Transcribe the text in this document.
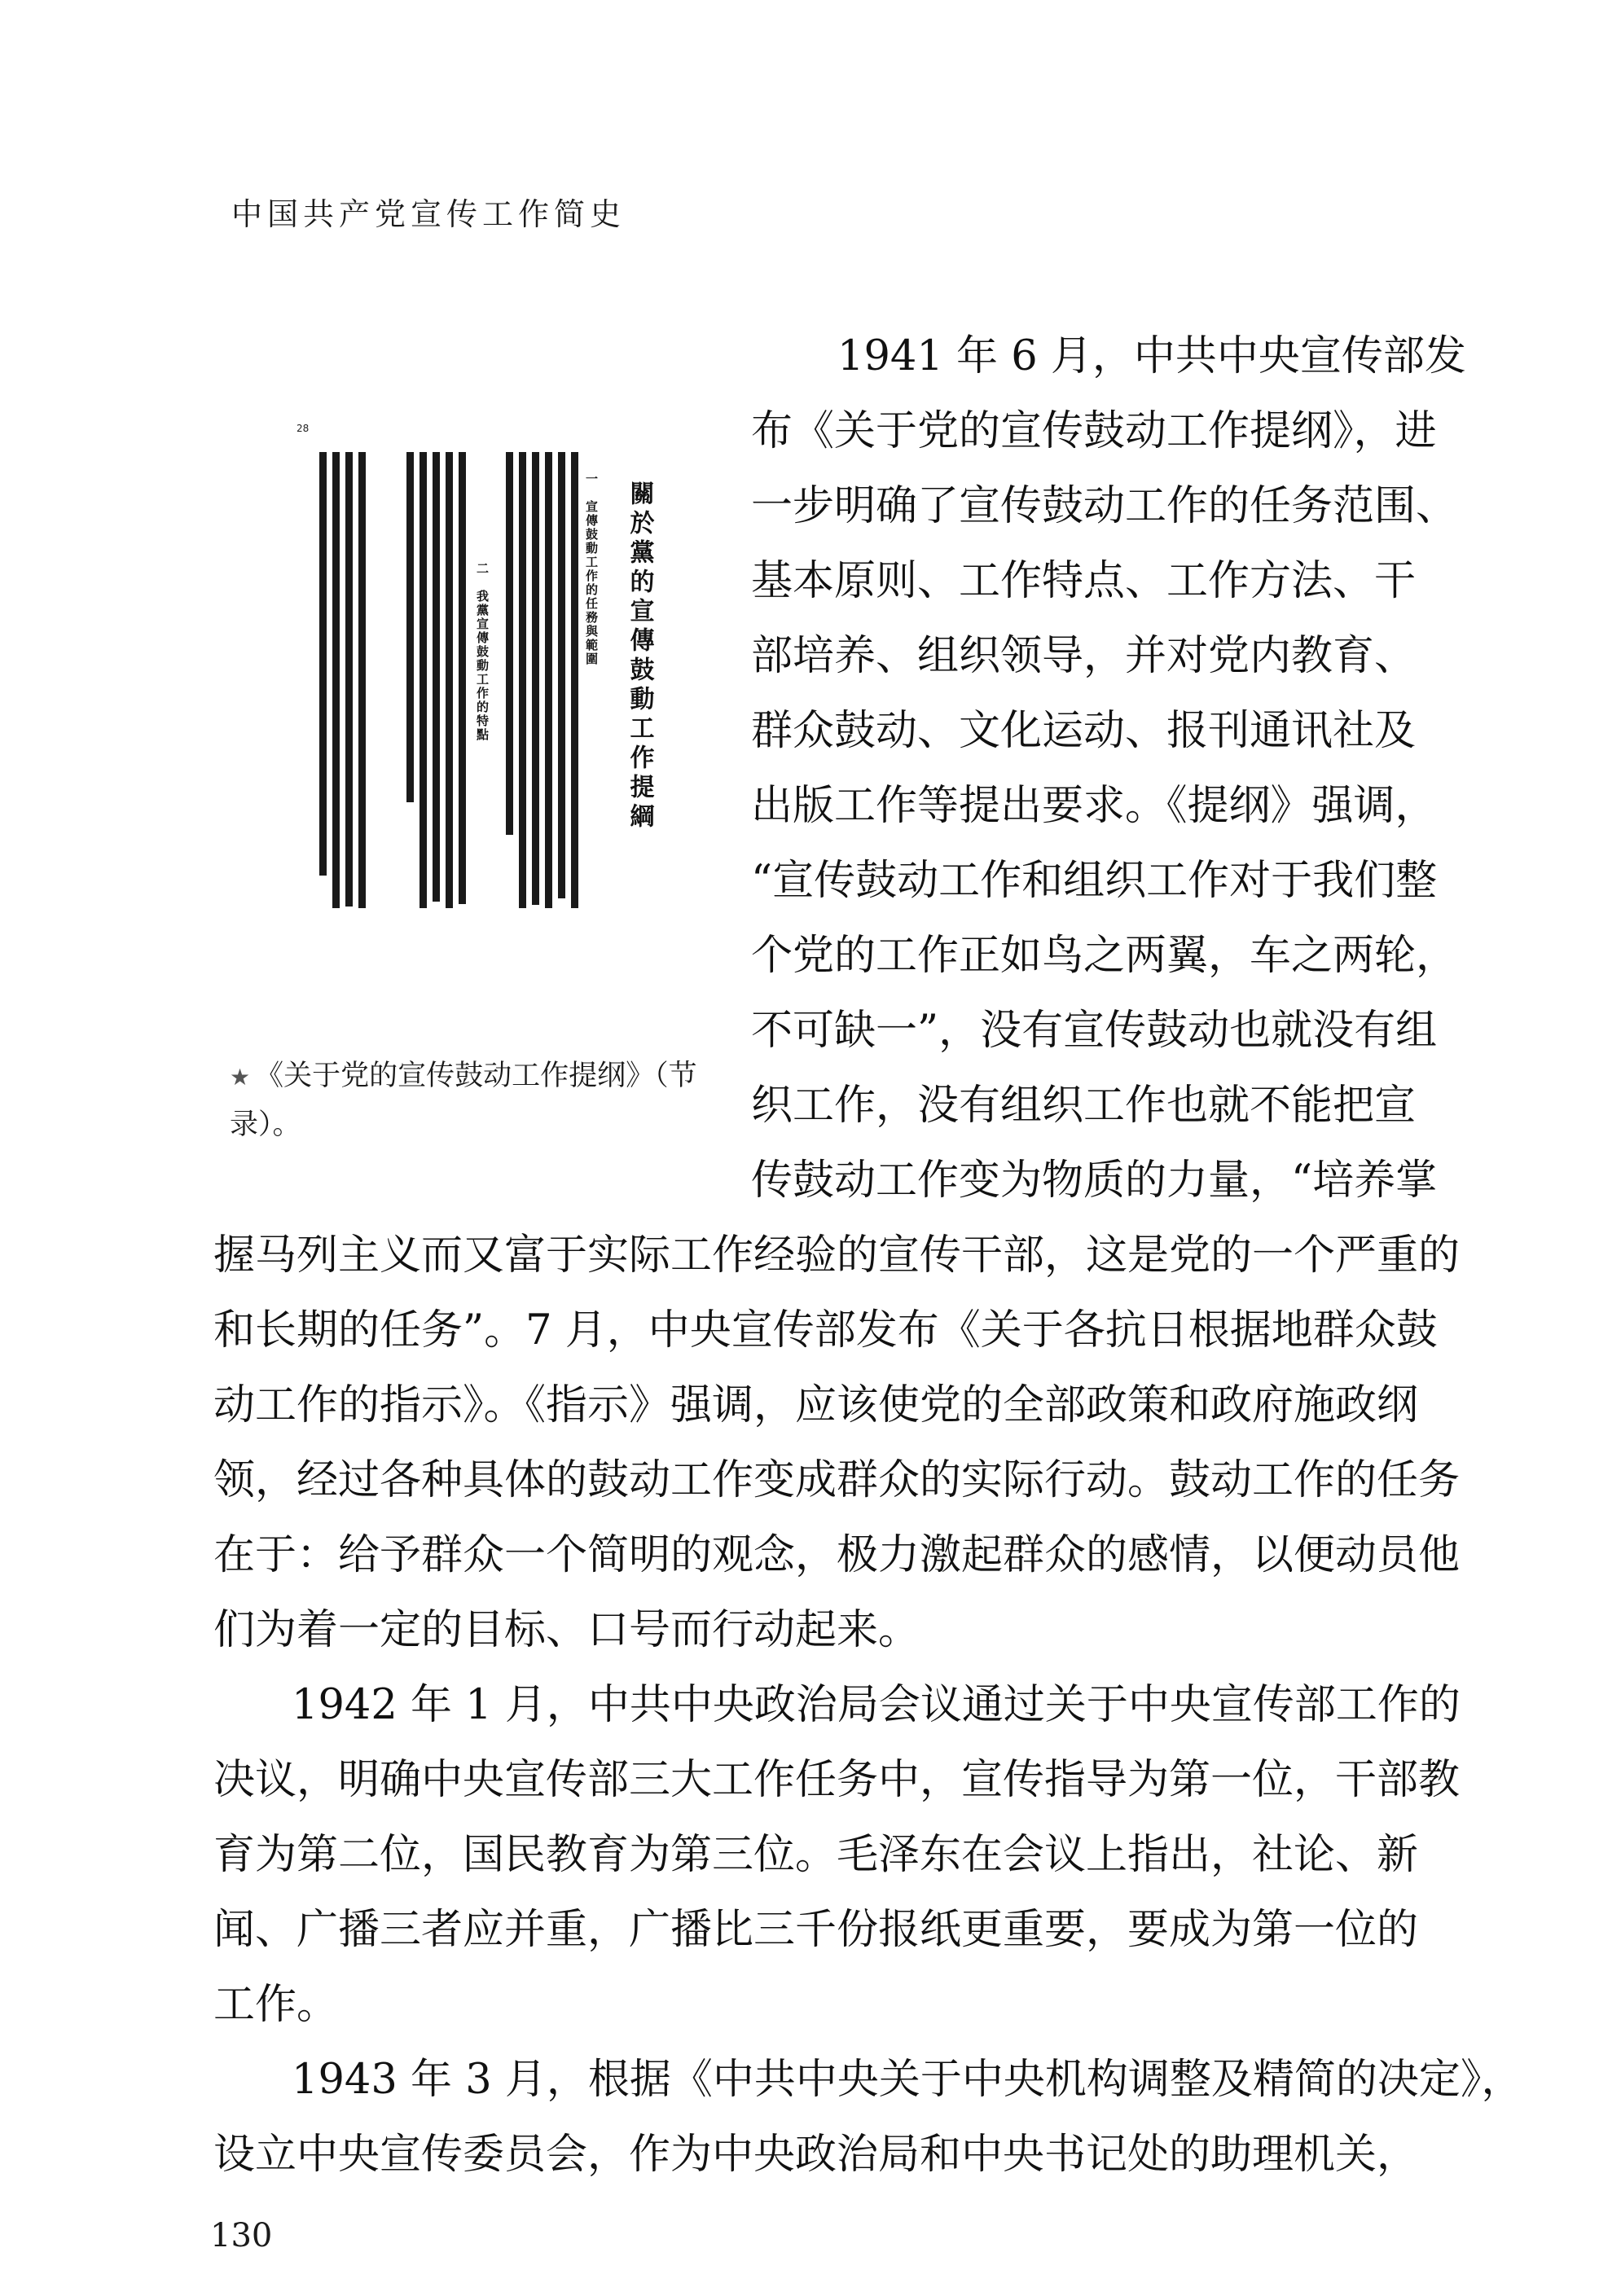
中国共产党宣传工作简史
關於黨的宣傳鼓動工作提綱
一　宣傳鼓動工作的任務與範圍
二　我黨宣傳鼓動工作的特點
28
★ 《关于党的宣传鼓动工作提纲》（节录）。
1941 年 6 月，中共中央宣传部发
布《关于党的宣传鼓动工作提纲》，进
一步明确了宣传鼓动工作的任务范围、
基本原则、工作特点、工作方法、干
部培养、组织领导，并对党内教育、
群众鼓动、文化运动、报刊通讯社及
出版工作等提出要求。《提纲》强调，
“宣传鼓动工作和组织工作对于我们整
个党的工作正如鸟之两翼，车之两轮，
不可缺一”，没有宣传鼓动也就没有组
织工作，没有组织工作也就不能把宣
传鼓动工作变为物质的力量，“培养掌
握马列主义而又富于实际工作经验的宣传干部，这是党的一个严重的
和长期的任务”。7 月，中央宣传部发布《关于各抗日根据地群众鼓
动工作的指示》。《指示》强调，应该使党的全部政策和政府施政纲
领，经过各种具体的鼓动工作变成群众的实际行动。鼓动工作的任务
在于：给予群众一个简明的观念，极力激起群众的感情，以便动员他
们为着一定的目标、口号而行动起来。
1942 年 1 月，中共中央政治局会议通过关于中央宣传部工作的
决议，明确中央宣传部三大工作任务中，宣传指导为第一位，干部教
育为第二位，国民教育为第三位。毛泽东在会议上指出，社论、新
闻、广播三者应并重，广播比三千份报纸更重要，要成为第一位的
工作。
1943 年 3 月，根据《中共中央关于中央机构调整及精简的决定》，
设立中央宣传委员会，作为中央政治局和中央书记处的助理机关，
130
